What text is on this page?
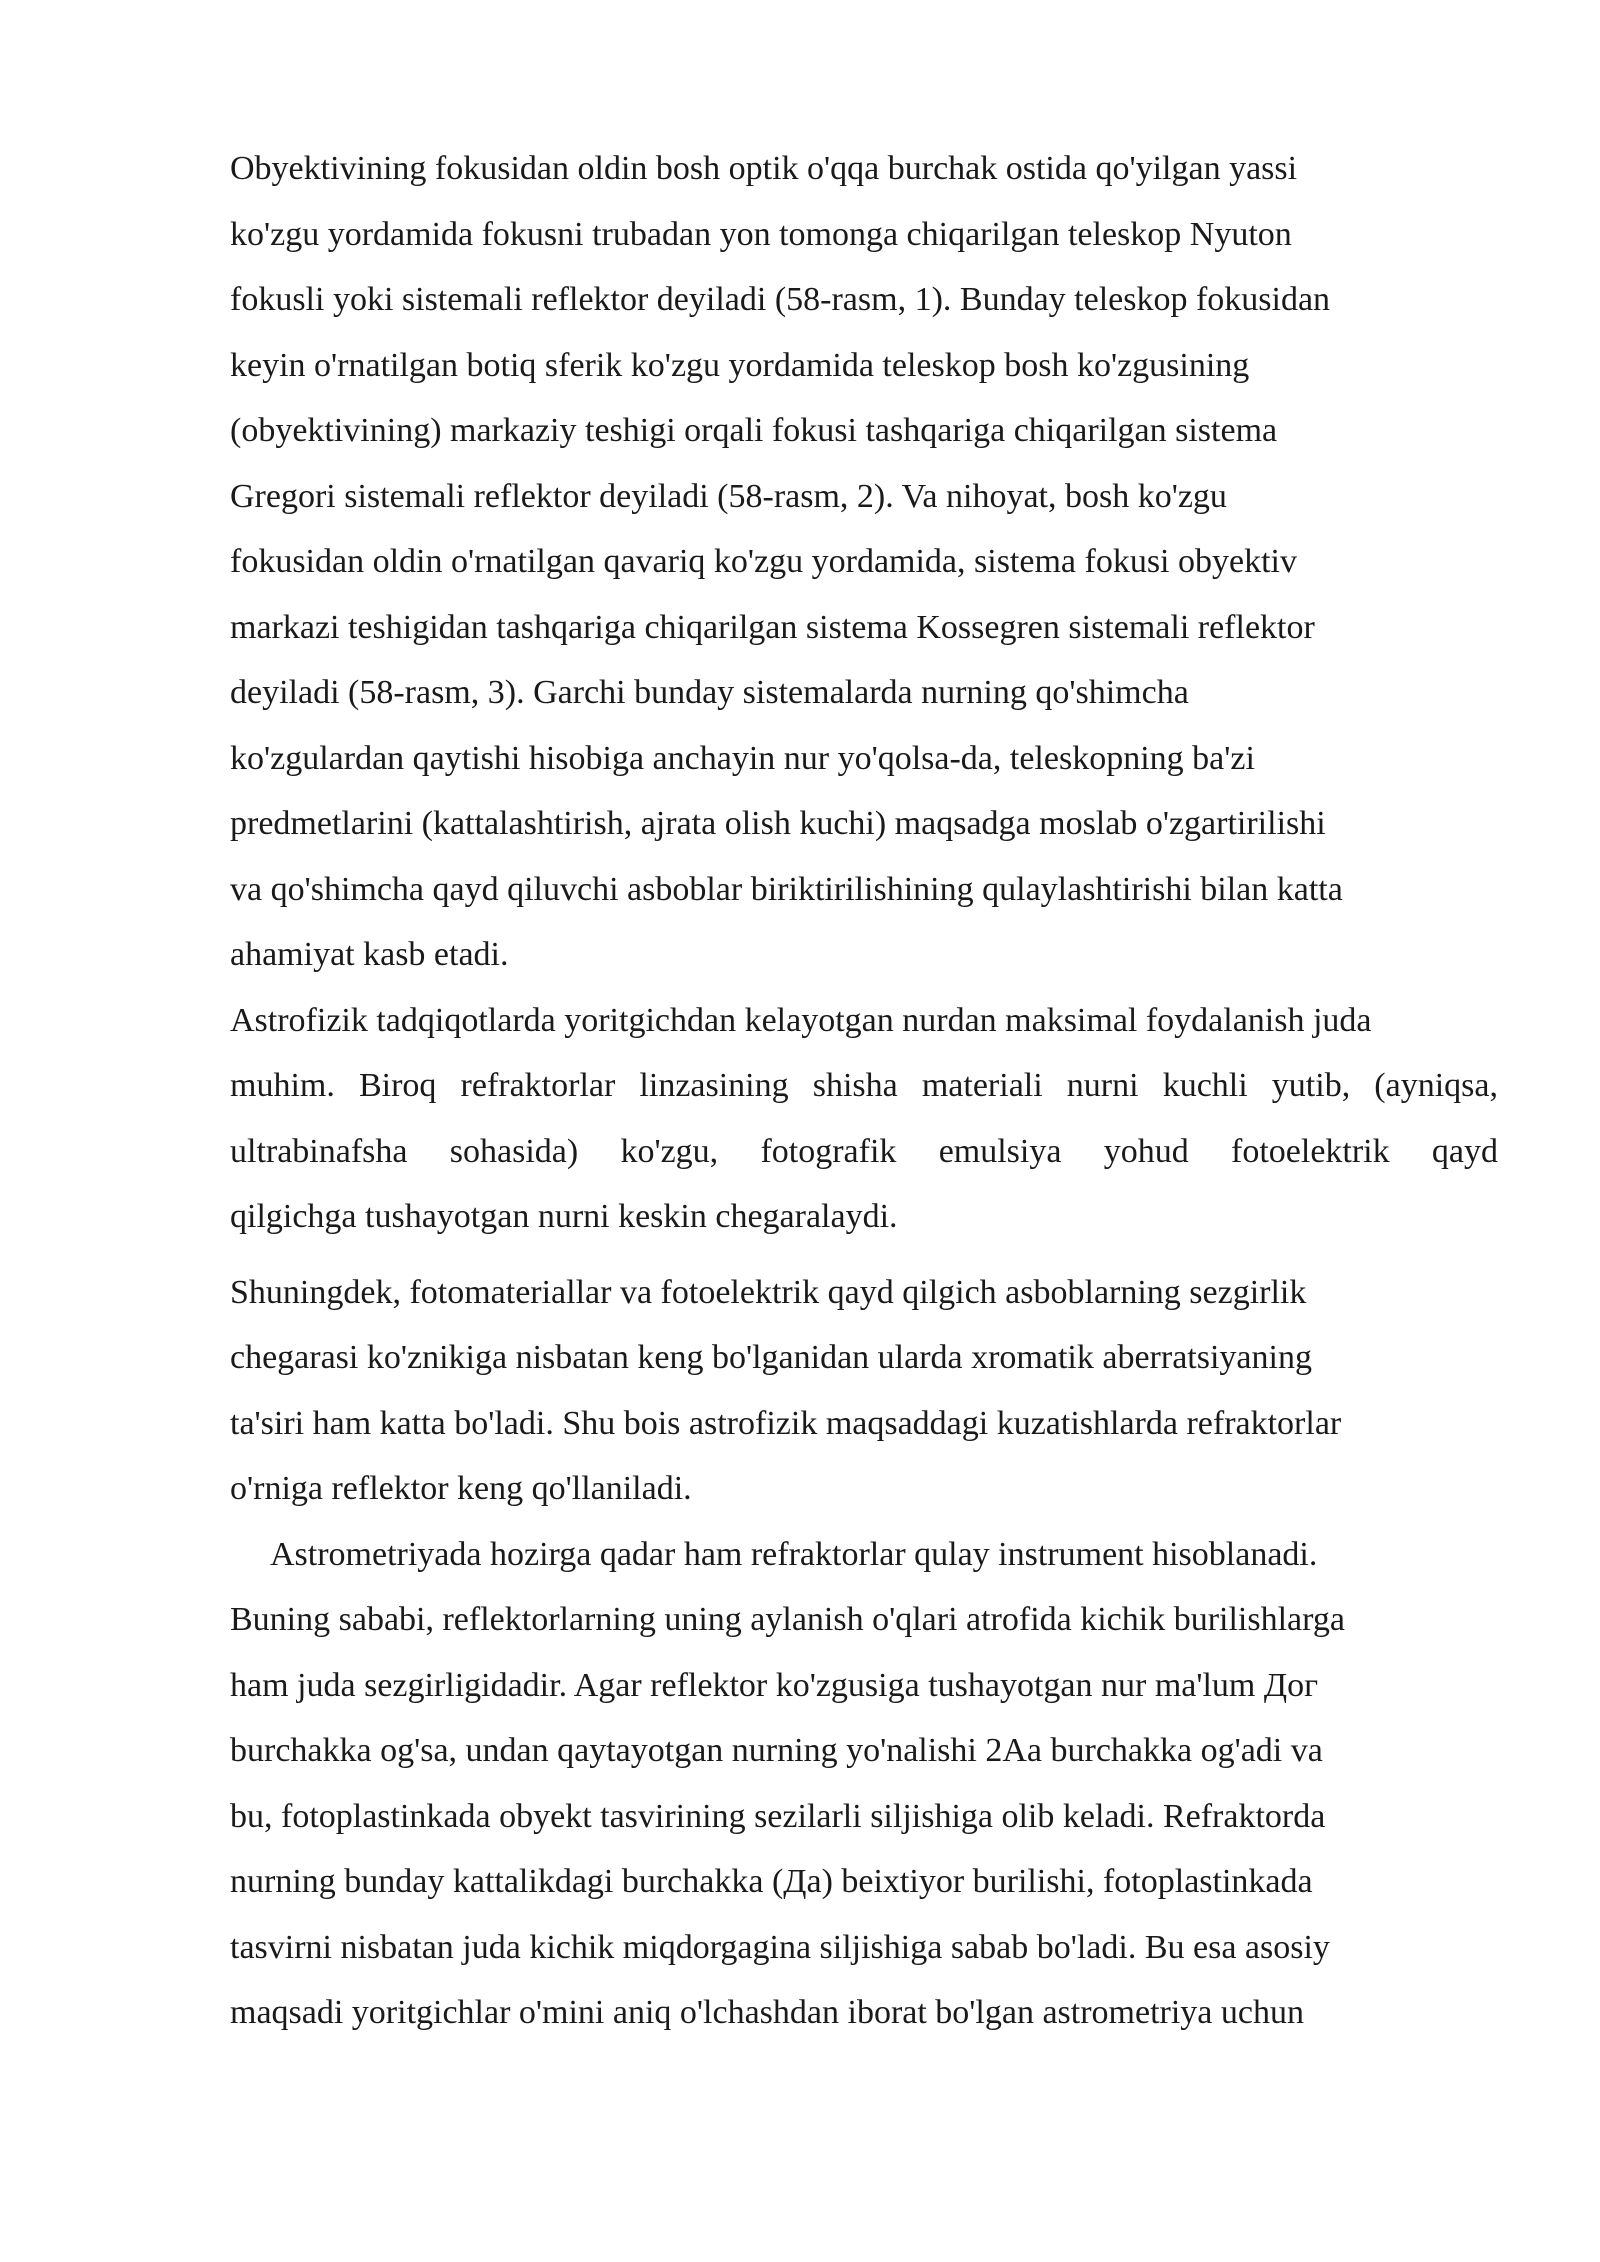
Obyektivining fokusidan oldin bosh optik o'qqa burchak ostida qo'yilgan yassi
ko'zgu yordamida fokusni trubadan yon tomonga chiqarilgan teleskop Nyuton
fokusli yoki sistemali reflektor deyiladi (58-rasm, 1). Bunday teleskop fokusidan
keyin o'rnatilgan botiq sferik ko'zgu yordamida teleskop bosh ko'zgusining
(obyektivining) markaziy teshigi orqali fokusi tashqariga chiqarilgan sistema
Gregori sistemali reflektor deyiladi (58-rasm, 2). Va nihoyat, bosh ko'zgu
fokusidan oldin o'rnatilgan qavariq ko'zgu yordamida, sistema fokusi obyektiv
markazi teshigidan tashqariga chiqarilgan sistema Kossegren sistemali reflektor
deyiladi (58-rasm, 3). Garchi bunday sistemalarda nurning qo'shimcha
ko'zgulardan qaytishi hisobiga anchayin nur yo'qolsa-da, teleskopning ba'zi
predmetlarini (kattalashtirish, ajrata olish kuchi) maqsadga moslab o'zgartirilishi
va qo'shimcha qayd qiluvchi asboblar biriktirilishining qulaylashtirishi bilan katta
ahamiyat kasb etadi.

Astrofizik tadqiqotlarda yoritgichdan kelayotgan nurdan maksimal foydalanish juda
muhim. Biroq refraktorlar linzasining shisha materiali nurni kuchli yutib, (ayniqsa,
ultrabinafsha sohasida) ko'zgu, fotografik emulsiya yohud fotoelektrik qayd
qilgichga tushayotgan nurni keskin chegaralaydi.

Shuningdek, fotomateriallar va fotoelektrik qayd qilgich asboblarning sezgirlik
chegarasi ko'znikiga nisbatan keng bo'lganidan ularda xromatik aberratsiyaning
ta'siri ham katta bo'ladi. Shu bois astrofizik maqsaddagi kuzatishlarda refraktorlar
o'rniga reflektor keng qo'llaniladi.

Astrometriyada hozirga qadar ham refraktorlar qulay instrument hisoblanadi.
Buning sababi, reflektorlarning uning aylanish o'qlari atrofida kichik burilishlarga
ham juda sezgirligidadir. Agar reflektor ko'zgusiga tushayotgan nur ma'lum Дог
burchakka og'sa, undan qaytayotgan nurning yo'nalishi 2Aa burchakka og'adi va
bu, fotoplastinkada obyekt tasvirining sezilarli siljishiga olib keladi. Refraktorda
nurning bunday kattalikdagi burchakka (Дa) beixtiyor burilishi, fotoplastinkada
tasvirni nisbatan juda kichik miqdorgagina siljishiga sabab bo'ladi. Bu esa asosiy
maqsadi yoritgichlar o'mini aniq o'lchashdan iborat bo'lgan astrometriya uchun
